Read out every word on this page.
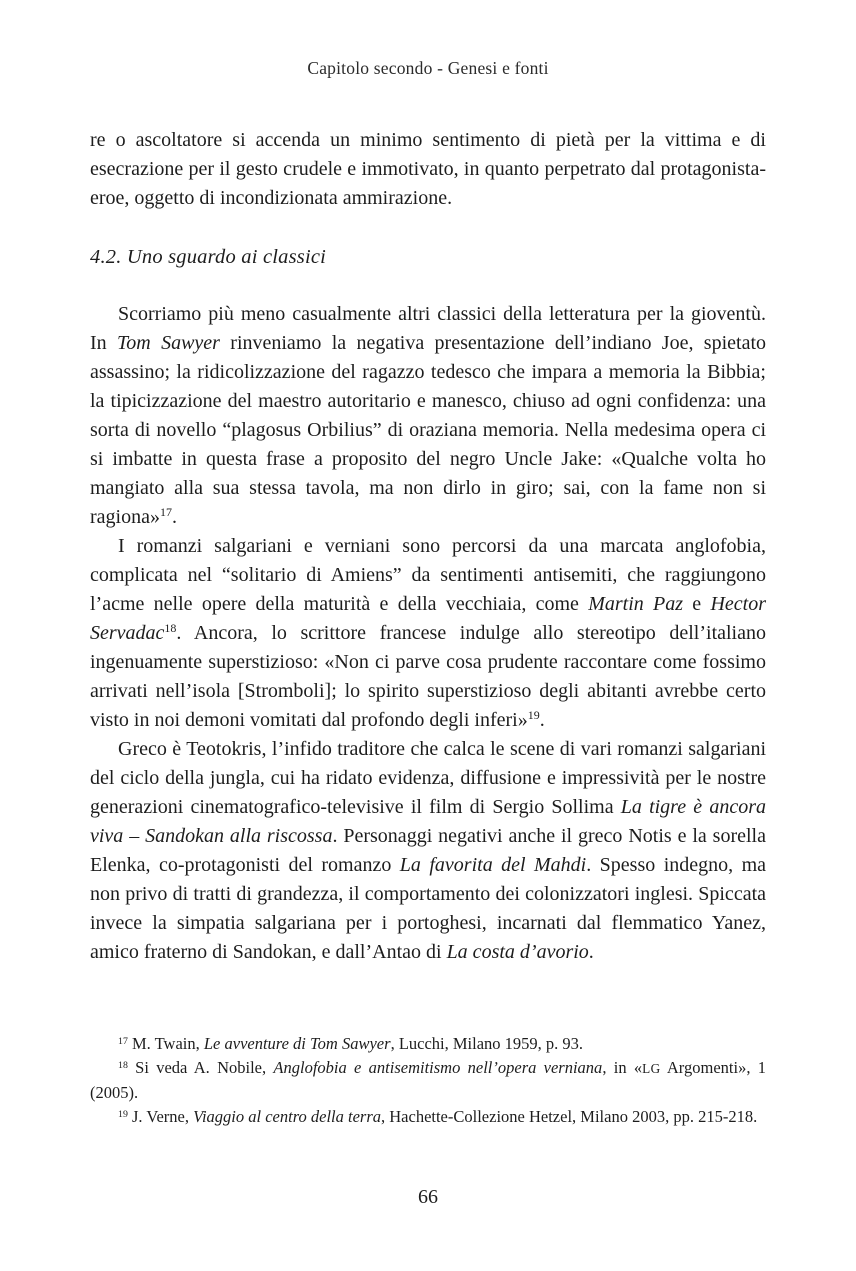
Capitolo secondo - Genesi e fonti

re o ascoltatore si accenda un minimo sentimento di pietà per la vittima e di esecrazione per il gesto crudele e immotivato, in quanto perpetrato dal protagonista-eroe, oggetto di incondizionata ammirazione.

4.2. Uno sguardo ai classici

Scorriamo più meno casualmente altri classici della letteratura per la gioventù. In Tom Sawyer rinveniamo la negativa presentazione dell’indiano Joe, spietato assassino; la ridicolizzazione del ragazzo tedesco che impara a memoria la Bibbia; la tipicizzazione del maestro autoritario e manesco, chiuso ad ogni confidenza: una sorta di novello “plagosus Orbilius” di oraziana memoria. Nella medesima opera ci si imbatte in questa frase a proposito del negro Uncle Jake: «Qualche volta ho mangiato alla sua stessa tavola, ma non dirlo in giro; sai, con la fame non si ragiona»$^{17}$.

I romanzi salgariani e verniani sono percorsi da una marcata anglofobia, complicata nel “solitario di Amiens” da sentimenti antisemiti, che raggiungono l’acme nelle opere della maturità e della vecchiaia, come Martin Paz e Hector Servadac$^{18}$. Ancora, lo scrittore francese indulge allo stereotipo dell’italiano ingenuamente superstizioso: «Non ci parve cosa prudente raccontare come fossimo arrivati nell’isola [Stromboli]; lo spirito superstizioso degli abitanti avrebbe certo visto in noi demoni vomitati dal profondo degli inferi»$^{19}$.

Greco è Teotokris, l’infido traditore che calca le scene di vari romanzi salgariani del ciclo della jungla, cui ha ridato evidenza, diffusione e impressività per le nostre generazioni cinematografico-televisive il film di Sergio Sollima La tigre è ancora viva – Sandokan alla riscossa. Personaggi negativi anche il greco Notis e la sorella Elenka, co-protagonisti del romanzo La favorita del Mahdi. Spesso indegno, ma non privo di tratti di grandezza, il comportamento dei colonizzatori inglesi. Spiccata invece la simpatia salgariana per i portoghesi, incarnati dal flemmatico Yanez, amico fraterno di Sandokan, e dall’Antao di La costa d’avorio.

$^{17}$ M. Twain, Le avventure di Tom Sawyer, Lucchi, Milano 1959, p. 93.

$^{18}$ Si veda A. Nobile, Anglofobia e antisemitismo nell’opera verniana, in «LG Argomenti», 1 (2005).

$^{19}$ J. Verne, Viaggio al centro della terra, Hachette-Collezione Hetzel, Milano 2003, pp. 215-218.

66
